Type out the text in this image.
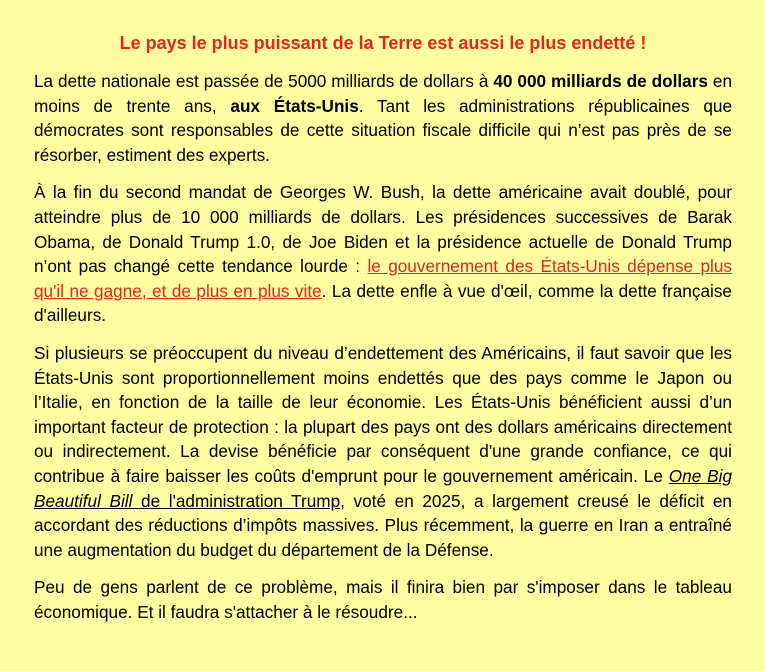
Le pays le plus puissant de la Terre est aussi le plus endetté !

La dette nationale est passée de 5000 milliards de dollars à 40 000 milliards de dollars en moins de trente ans, aux États-Unis. Tant les administrations républicaines que démocrates sont responsables de cette situation fiscale difficile qui n’est pas près de se résorber, estiment des experts.

À la fin du second mandat de Georges W. Bush, la dette américaine avait doublé, pour atteindre plus de 10 000 milliards de dollars. Les présidences successives de Barak Obama, de Donald Trump 1.0, de Joe Biden et la présidence actuelle de Donald Trump n’ont pas changé cette tendance lourde : le gouvernement des États-Unis dépense plus qu'il ne gagne, et de plus en plus vite. La dette enfle à vue d'œil, comme la dette française d'ailleurs.

Si plusieurs se préoccupent du niveau d’endettement des Américains, il faut savoir que les États-Unis sont proportionnellement moins endettés que des pays comme le Japon ou l’Italie, en fonction de la taille de leur économie. Les États-Unis bénéficient aussi d’un important facteur de protection : la plupart des pays ont des dollars américains directement ou indirectement. La devise bénéficie par conséquent d'une grande confiance, ce qui contribue à faire baisser les coûts d'emprunt pour le gouvernement américain. Le One Big Beautiful Bill de l'administration Trump, voté en 2025, a largement creusé le déficit en accordant des réductions d’impôts massives. Plus récemment, la guerre en Iran a entraîné une augmentation du budget du département de la Défense.

Peu de gens parlent de ce problème, mais il finira bien par s'imposer dans le tableau économique. Et il faudra s'attacher à le résoudre...
